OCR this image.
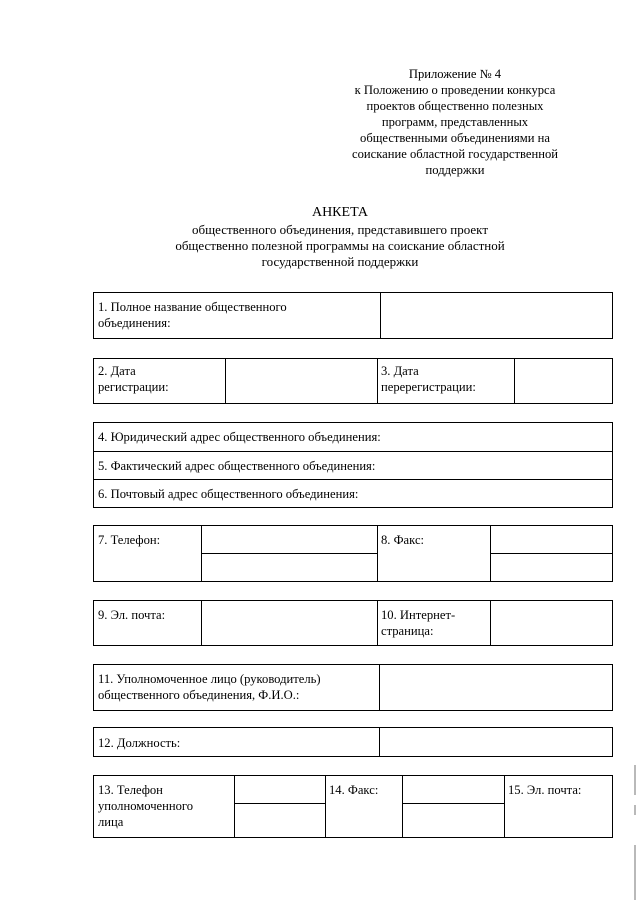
Приложение № 4
к Положению о проведении конкурса
проектов общественно полезных
программ, представленных
общественными объединениями на
соискание областной государственной
поддержки
АНКЕТА
общественного объединения, представившего проект
общественно полезной программы на соискание областной
государственной поддержки
1. Полное название общественного
объединения:
2. Дата
регистрации:
3. Дата
перерегистрации:
4. Юридический адрес общественного объединения:
5. Фактический адрес общественного объединения:
6. Почтовый адрес общественного объединения:
7. Телефон:	8. Факс:
9. Эл. почта:	10. Интернет-
страница:
11. Уполномоченное лицо (руководитель)
общественного объединения, Ф.И.О.:
12. Должность:
13. Телефон
уполномоченного
лица
14. Факс:	15. Эл. почта:
